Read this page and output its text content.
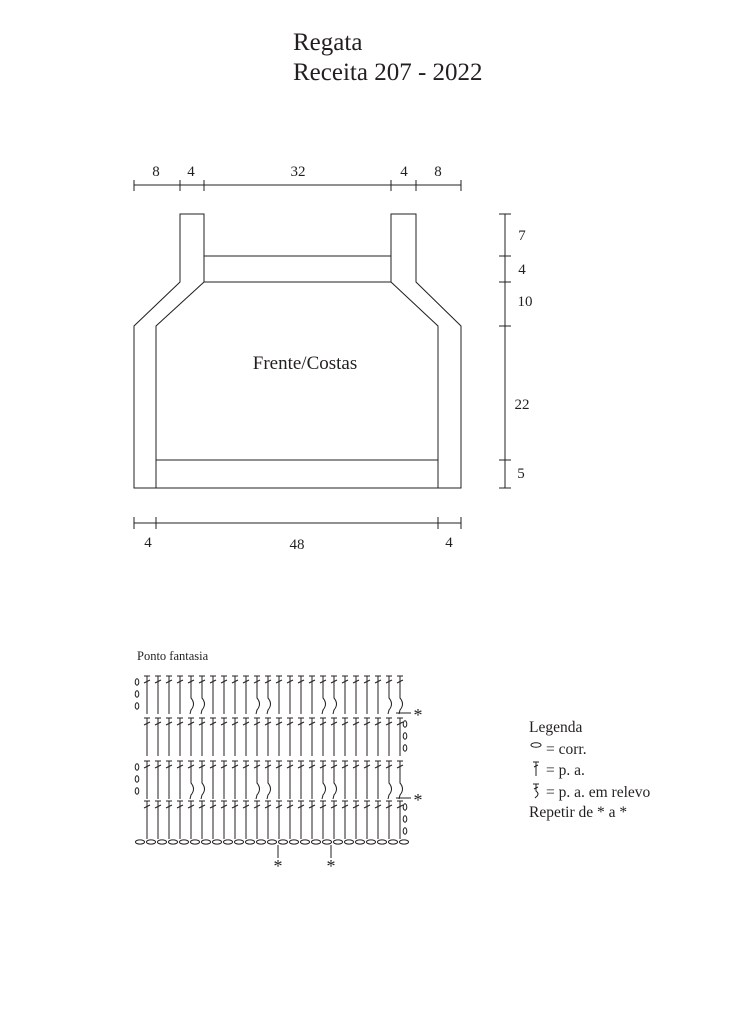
Regata
Receita 207 - 2022
8 4	32	4 8
7
4
10
22
5
4	48	4
Frente/Costas
Ponto fantasia
*
*
* *
Legenda
= corr.
= p. a.
= p. a. em relevo
Repetir de * a *
